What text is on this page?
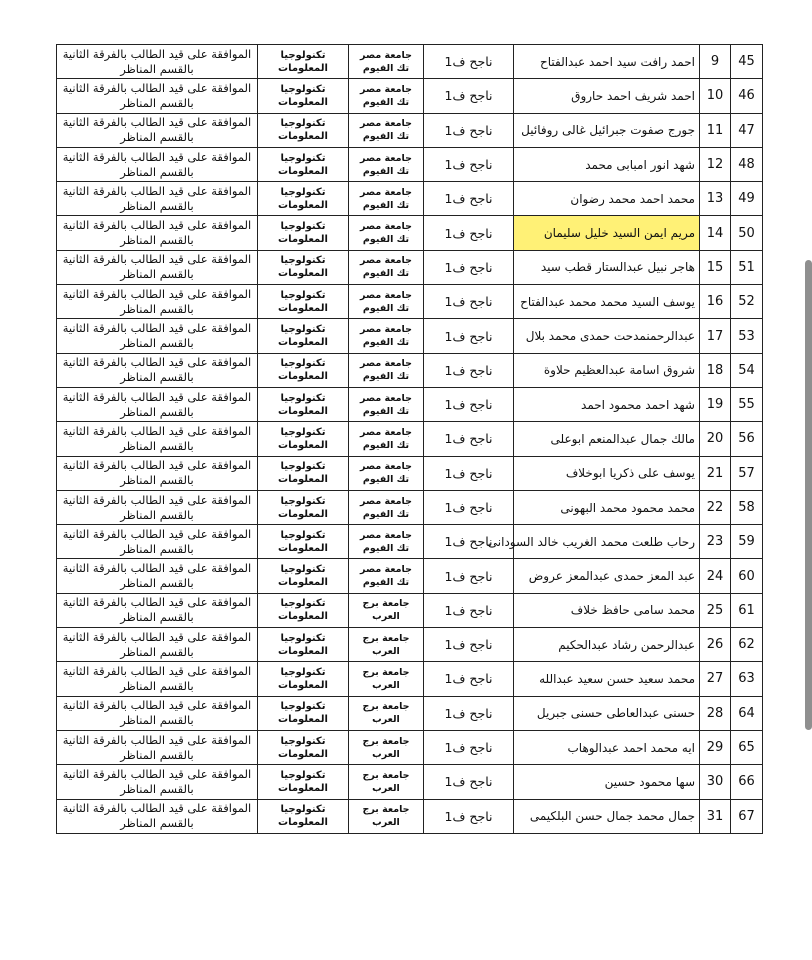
45	9	احمد رافت سيد احمد عبدالفتاح	ناجح ف1	جامعة مصر تك الفيوم	تكنولوجيا المعلومات	الموافقة على قيد الطالب بالفرقة الثانية بالقسم المناظر
46	10	احمد شريف احمد حاروق	ناجح ف1	جامعة مصر تك الفيوم	تكنولوجيا المعلومات	الموافقة على قيد الطالب بالفرقة الثانية بالقسم المناظر
47	11	جورج صفوت جبرائيل غالى روفائيل	ناجح ف1	جامعة مصر تك الفيوم	تكنولوجيا المعلومات	الموافقة على قيد الطالب بالفرقة الثانية بالقسم المناظر
48	12	شهد انور امبابى محمد	ناجح ف1	جامعة مصر تك الفيوم	تكنولوجيا المعلومات	الموافقة على قيد الطالب بالفرقة الثانية بالقسم المناظر
49	13	محمد احمد محمد رضوان	ناجح ف1	جامعة مصر تك الفيوم	تكنولوجيا المعلومات	الموافقة على قيد الطالب بالفرقة الثانية بالقسم المناظر
50	14	مريم ايمن السيد خليل سليمان	ناجح ف1	جامعة مصر تك الفيوم	تكنولوجيا المعلومات	الموافقة على قيد الطالب بالفرقة الثانية بالقسم المناظر
51	15	هاجر نبيل عبدالستار قطب سيد	ناجح ف1	جامعة مصر تك الفيوم	تكنولوجيا المعلومات	الموافقة على قيد الطالب بالفرقة الثانية بالقسم المناظر
52	16	يوسف السيد محمد محمد عبدالفتاح	ناجح ف1	جامعة مصر تك الفيوم	تكنولوجيا المعلومات	الموافقة على قيد الطالب بالفرقة الثانية بالقسم المناظر
53	17	عبدالرحمنمدحت حمدى محمد بلال	ناجح ف1	جامعة مصر تك الفيوم	تكنولوجيا المعلومات	الموافقة على قيد الطالب بالفرقة الثانية بالقسم المناظر
54	18	شروق اسامة عبدالعظيم حلاوة	ناجح ف1	جامعة مصر تك الفيوم	تكنولوجيا المعلومات	الموافقة على قيد الطالب بالفرقة الثانية بالقسم المناظر
55	19	شهد احمد محمود احمد	ناجح ف1	جامعة مصر تك الفيوم	تكنولوجيا المعلومات	الموافقة على قيد الطالب بالفرقة الثانية بالقسم المناظر
56	20	مالك جمال عبدالمنعم ابوعلى	ناجح ف1	جامعة مصر تك الفيوم	تكنولوجيا المعلومات	الموافقة على قيد الطالب بالفرقة الثانية بالقسم المناظر
57	21	يوسف على ذكريا ابوخلاف	ناجح ف1	جامعة مصر تك الفيوم	تكنولوجيا المعلومات	الموافقة على قيد الطالب بالفرقة الثانية بالقسم المناظر
58	22	محمد محمود محمد البهونى	ناجح ف1	جامعة مصر تك الفيوم	تكنولوجيا المعلومات	الموافقة على قيد الطالب بالفرقة الثانية بالقسم المناظر
59	23	رحاب طلعت محمد الغريب خالد السودانى	ناجح ف1	جامعة مصر تك الفيوم	تكنولوجيا المعلومات	الموافقة على قيد الطالب بالفرقة الثانية بالقسم المناظر
60	24	عبد المعز حمدى عبدالمعز عروض	ناجح ف1	جامعة مصر تك الفيوم	تكنولوجيا المعلومات	الموافقة على قيد الطالب بالفرقة الثانية بالقسم المناظر
61	25	محمد سامى حافظ خلاف	ناجح ف1	جامعة برج العرب	تكنولوجيا المعلومات	الموافقة على قيد الطالب بالفرقة الثانية بالقسم المناظر
62	26	عبدالرحمن رشاد عبدالحكيم	ناجح ف1	جامعة برج العرب	تكنولوجيا المعلومات	الموافقة على قيد الطالب بالفرقة الثانية بالقسم المناظر
63	27	محمد سعيد حسن سعيد عبدالله	ناجح ف1	جامعة برج العرب	تكنولوجيا المعلومات	الموافقة على قيد الطالب بالفرقة الثانية بالقسم المناظر
64	28	حسنى عبدالعاطى حسنى جبريل	ناجح ف1	جامعة برج العرب	تكنولوجيا المعلومات	الموافقة على قيد الطالب بالفرقة الثانية بالقسم المناظر
65	29	ايه محمد احمد عبدالوهاب	ناجح ف1	جامعة برج العرب	تكنولوجيا المعلومات	الموافقة على قيد الطالب بالفرقة الثانية بالقسم المناظر
66	30	سها محمود حسين	ناجح ف1	جامعة برج العرب	تكنولوجيا المعلومات	الموافقة على قيد الطالب بالفرقة الثانية بالقسم المناظر
67	31	جمال محمد جمال حسن البلكيمى	ناجح ف1	جامعة برج العرب	تكنولوجيا المعلومات	الموافقة على قيد الطالب بالفرقة الثانية بالقسم المناظر
